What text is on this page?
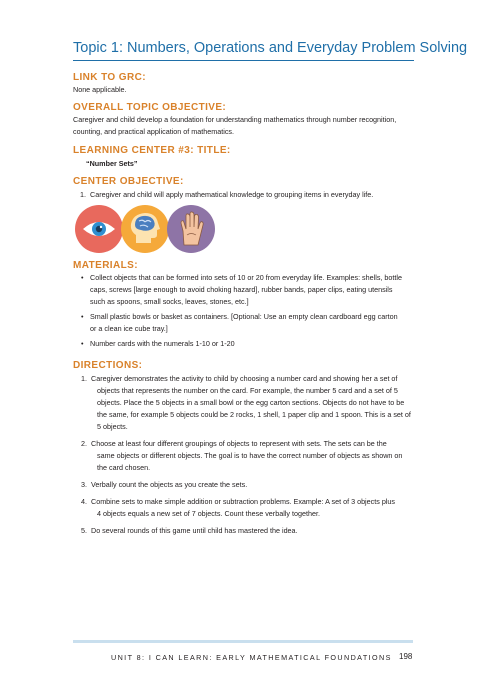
Topic 1: Numbers, Operations and Everyday Problem Solving
LINK TO GRC:
None applicable.
OVERALL TOPIC OBJECTIVE:

Caregiver and child develop a foundation for understanding mathematics through number recognition,

counting, and practical application of mathematics.

LEARNING CENTER #3: TITLE:
“Number Sets”
CENTER OBJECTIVE:
1. Caregiver and child will apply mathematical knowledge to grouping items in everyday life.
MATERIALS:
• Collect objects that can be formed into sets of 10 or 20 from everyday life. Examples: shells, bottle
caps, screws [large enough to avoid choking hazard], rubber bands, paper clips, eating utensils
such as spoons, small socks, leaves, stones, etc.]
• Small plastic bowls or basket as containers. [Optional: Use an empty clean cardboard egg carton
or a clean ice cube tray.]
• Number cards with the numerals 1-10 or 1-20
DIRECTIONS:
1. Caregiver demonstrates the activity to child by choosing a number card and showing her a set of
objects that represents the number on the card. For example, the number 5 card and a set of 5
objects. Place the 5 objects in a small bowl or the egg carton sections. Objects do not have to be
the same, for example 5 objects could be 2 rocks, 1 shell, 1 paper clip and 1 spoon. This is a set of
5 objects.
2. Choose at least four different groupings of objects to represent with sets. The sets can be the
same objects or different objects. The goal is to have the correct number of objects as shown on
the card chosen.
3. Verbally count the objects as you create the sets.
4. Combine sets to make simple addition or subtraction problems. Example: A set of 3 objects plus
4 objects equals a new set of 7 objects. Count these verbally together.
5. Do several rounds of this game until child has mastered the idea.
UNIT 8: I CAN LEARN: EARLY MATHEMATICAL FOUNDATIONS 198
